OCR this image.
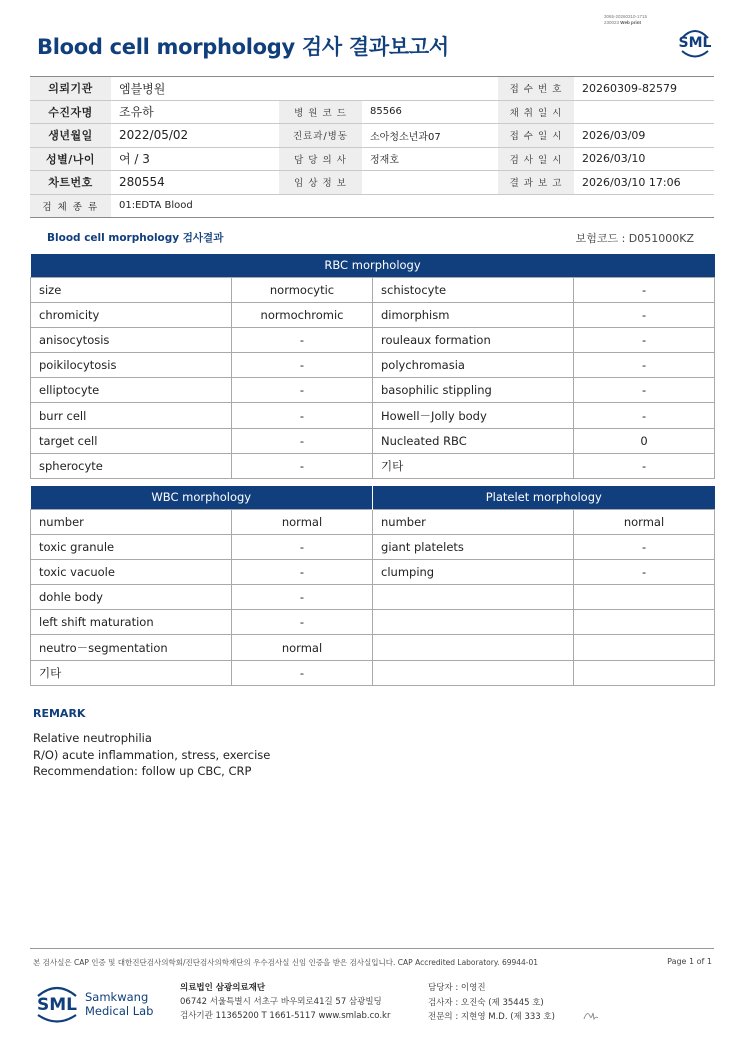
3065-20260310-1715
230023 Web print
Blood cell morphology 검사 결과보고서	SML
의뢰기관	엠블병원			접 수 번 호	20260309-82579
수진자명	조유하	병 원 코 드	85566	채 취 일 시	
생년월일	2022/05/02	진료과/병동	소아청소년과07	접 수 일 시	2026/03/09
성별/나이	여 / 3	담 당 의 사	정재호	검 사 일 시	2026/03/10
차트번호	280554	임 상 정 보		결 과 보 고	2026/03/10 17:06
검 체 종 류	01:EDTA Blood				
Blood cell morphology 검사결과	보험코드 : D051000KZ
RBC morphology			
size	normocytic	schistocyte	-
chromicity	normochromic	dimorphism	-
anisocytosis	-	rouleaux formation	-
poikilocytosis	-	polychromasia	-
elliptocyte	-	basophilic stippling	-
burr cell	-	Howell－Jolly body	-
target cell	-	Nucleated RBC	0
spherocyte	-	기타	-
WBC morphology		Platelet morphology	
number	normal	number	normal
toxic granule	-	giant platelets	-
toxic vacuole	-	clumping	-
dohle body	-		
left shift maturation	-		
neutro－segmentation	normal		
기타	-		
REMARK
Relative neutrophilia
R/O) acute inflammation, stress, exercise
Recommendation: follow up CBC, CRP
본 검사실은 CAP 인증 및 대한진단검사의학회/진단검사의학재단의 우수검사실 신임 인증을 받은 검사실입니다. CAP Accredited Laboratory. 69944-01	Page 1 of 1
SML Samkwang
Medical Lab
의료법인 삼광의료재단
06742 서울특별시 서초구 바우뫼로41길 57 삼광빌딩
검사기관 11365200 T 1661-5117 www.smlab.co.kr
담당자 : 이영진
검사자 : 오진숙 (제 35445 호)
전문의 : 지현영 M.D. (제 333 호)
